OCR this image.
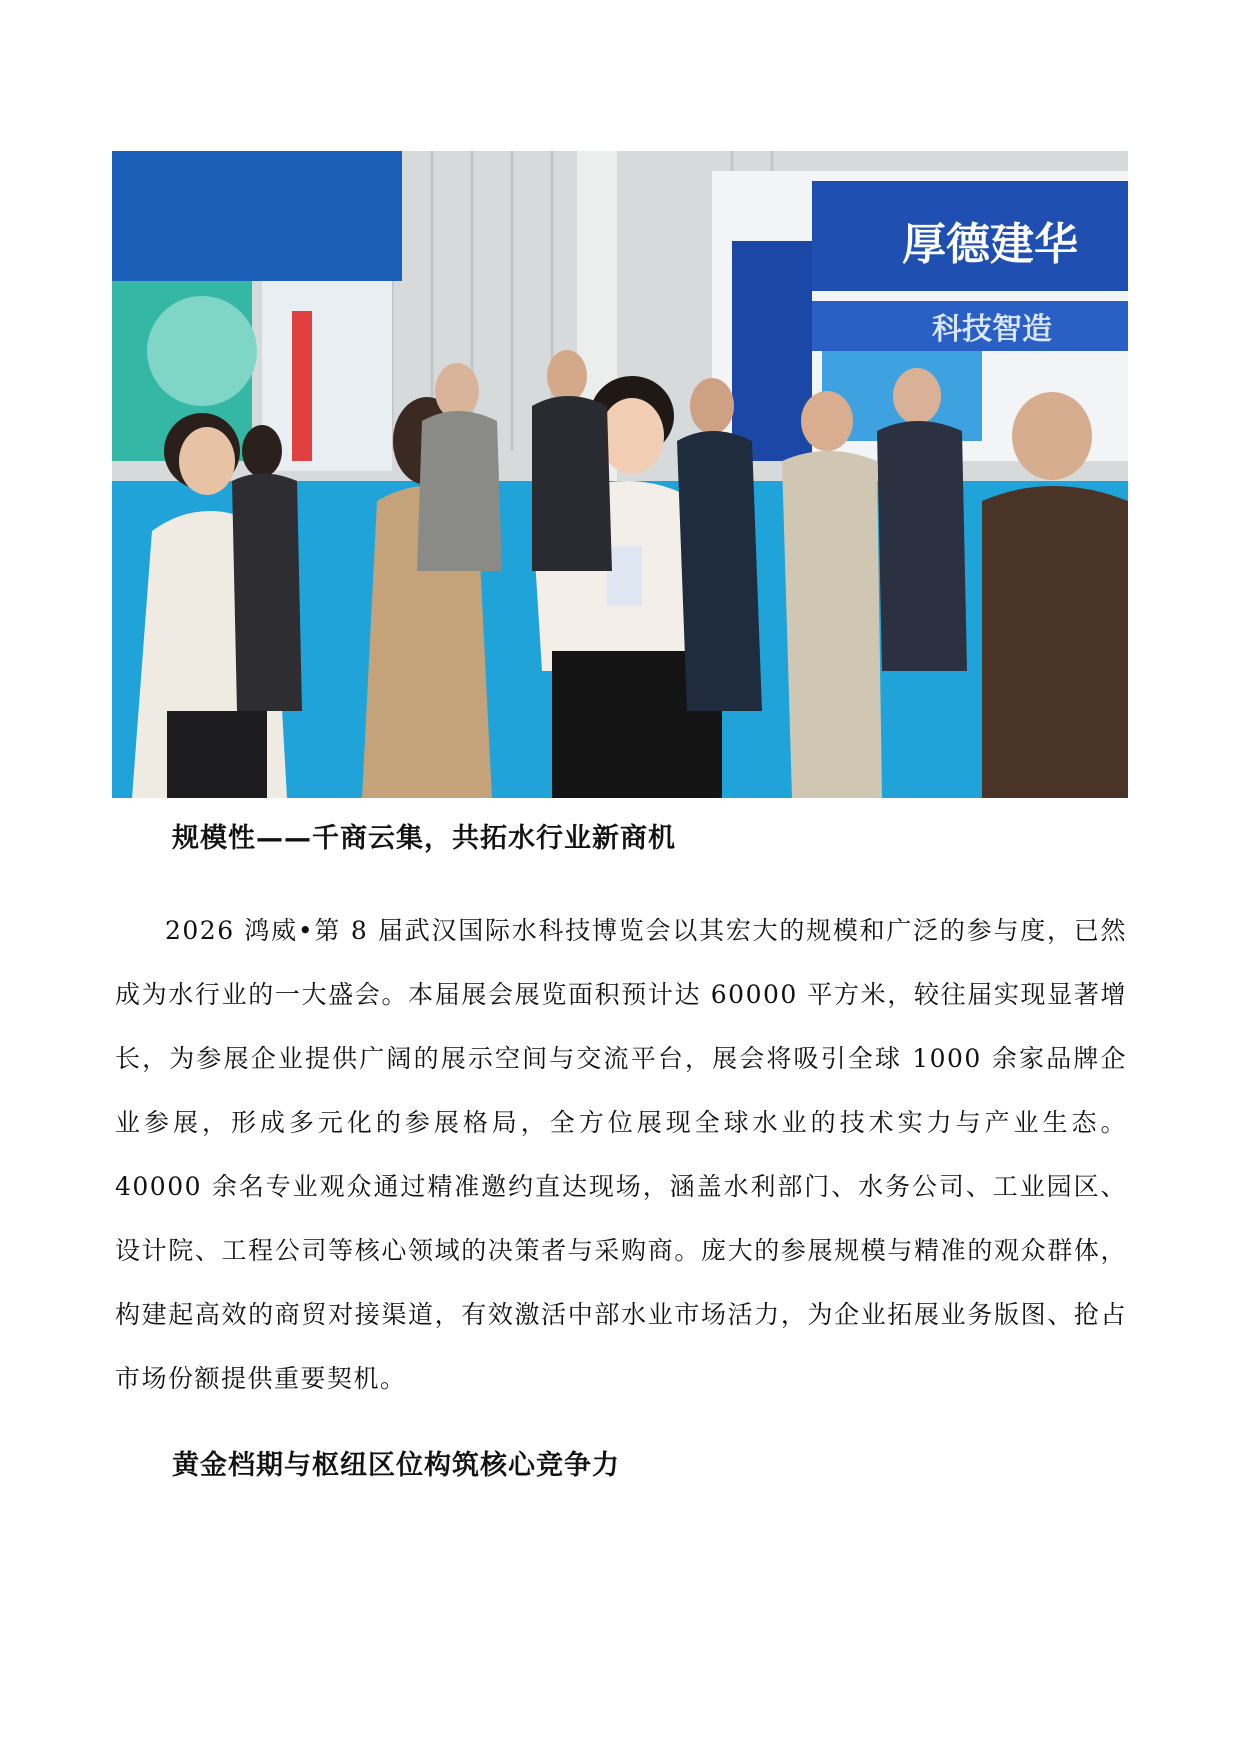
厚德建华
科技智造
规模性——千商云集，共拓水行业新商机

2026 鸿威•第 8 届武汉国际水科技博览会以其宏大的规模和广泛的参与度，已然成为水行业的一大盛会。本届展会展览面积预计达 60000 平方米，较往届实现显著增长，为参展企业提供广阔的展示空间与交流平台，展会将吸引全球 1000 余家品牌企业参展，形成多元化的参展格局，全方位展现全球水业的技术实力与产业生态。40000 余名专业观众通过精准邀约直达现场，涵盖水利部门、水务公司、工业园区、设计院、工程公司等核心领域的决策者与采购商。庞大的参展规模与精准的观众群体，构建起高效的商贸对接渠道，有效激活中部水业市场活力，为企业拓展业务版图、抢占市场份额提供重要契机。

黄金档期与枢纽区位构筑核心竞争力
